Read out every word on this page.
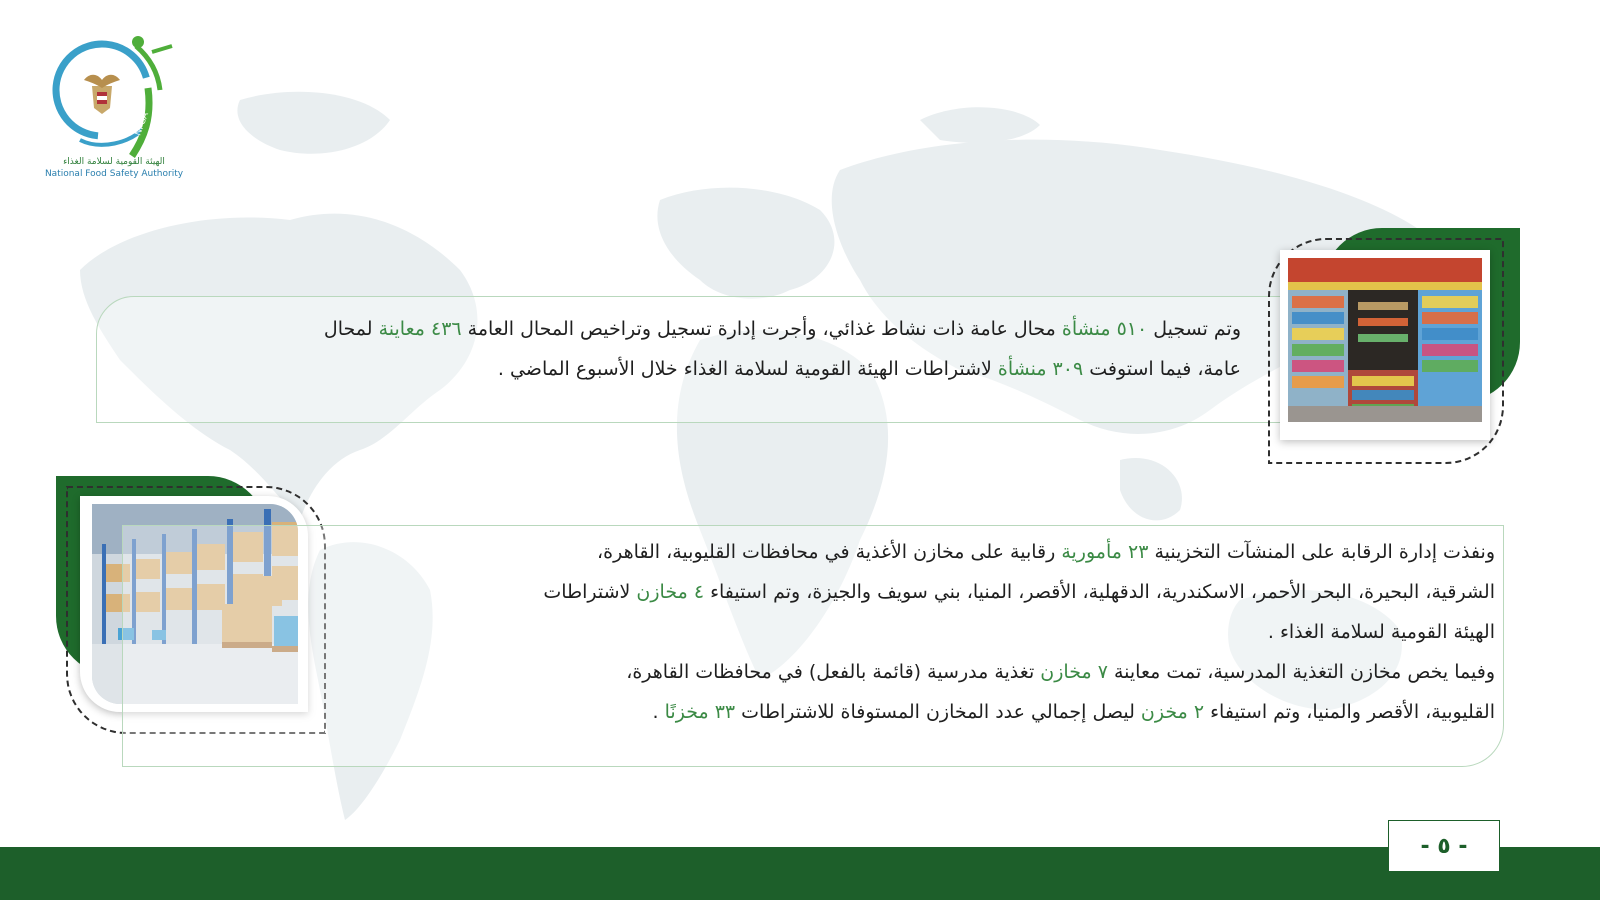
NFSA
الهيئة القومية لسلامة الغذاء
National Food Safety Authority
وتم تسجيل ٥١٠ منشأة محال عامة ذات نشاط غذائي، وأجرت إدارة تسجيل وتراخيص المحال العامة ٤٣٦ معاينة لمحال
عامة، فيما استوفت ٣٠٩ منشأة لاشتراطات الهيئة القومية لسلامة الغذاء خلال الأسبوع الماضي .
ونفذت إدارة الرقابة على المنشآت التخزينية ٢٣ مأمورية رقابية على مخازن الأغذية في محافظات القليوبية، القاهرة،
الشرقية، البحيرة، البحر الأحمر، الاسكندرية، الدقهلية، الأقصر، المنيا، بني سويف والجيزة، وتم استيفاء ٤ مخازن لاشتراطات
الهيئة القومية لسلامة الغذاء .
وفيما يخص مخازن التغذية المدرسية، تمت معاينة ٧ مخازن تغذية مدرسية (قائمة بالفعل) في محافظات القاهرة،
القليوبية، الأقصر والمنيا، وتم استيفاء ٢ مخزن ليصل إجمالي عدد المخازن المستوفاة للاشتراطات ٣٣ مخزنًا .
- ٥ -
